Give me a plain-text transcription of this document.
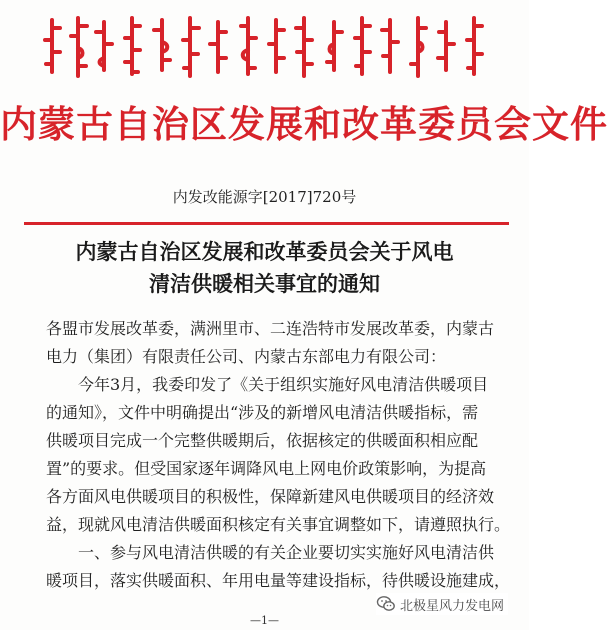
内蒙古自治区发展和改革委员会文件
内发改能源字[2017]720号
内蒙古自治区发展和改革委员会关于风电
清洁供暖相关事宜的通知
各盟市发展改革委，满洲里市、二连浩特市发展改革委，内蒙古
电力（集团）有限责任公司、内蒙古东部电力有限公司：
　　今年3月，我委印发了《关于组织实施好风电清洁供暖项目
的通知》，文件中明确提出“涉及的新增风电清洁供暖指标，需
供暖项目完成一个完整供暖期后，依据核定的供暖面积相应配
置”的要求。但受国家逐年调降风电上网电价政策影响，为提高
各方面风电供暖项目的积极性，保障新建风电供暖项目的经济效
益，现就风电清洁供暖面积核定有关事宜调整如下，请遵照执行。
　　一、参与风电清洁供暖的有关企业要切实实施好风电清洁供
暖项目，落实供暖面积、年用电量等建设指标，待供暖设施建成，
北极星风力发电网
—1—
